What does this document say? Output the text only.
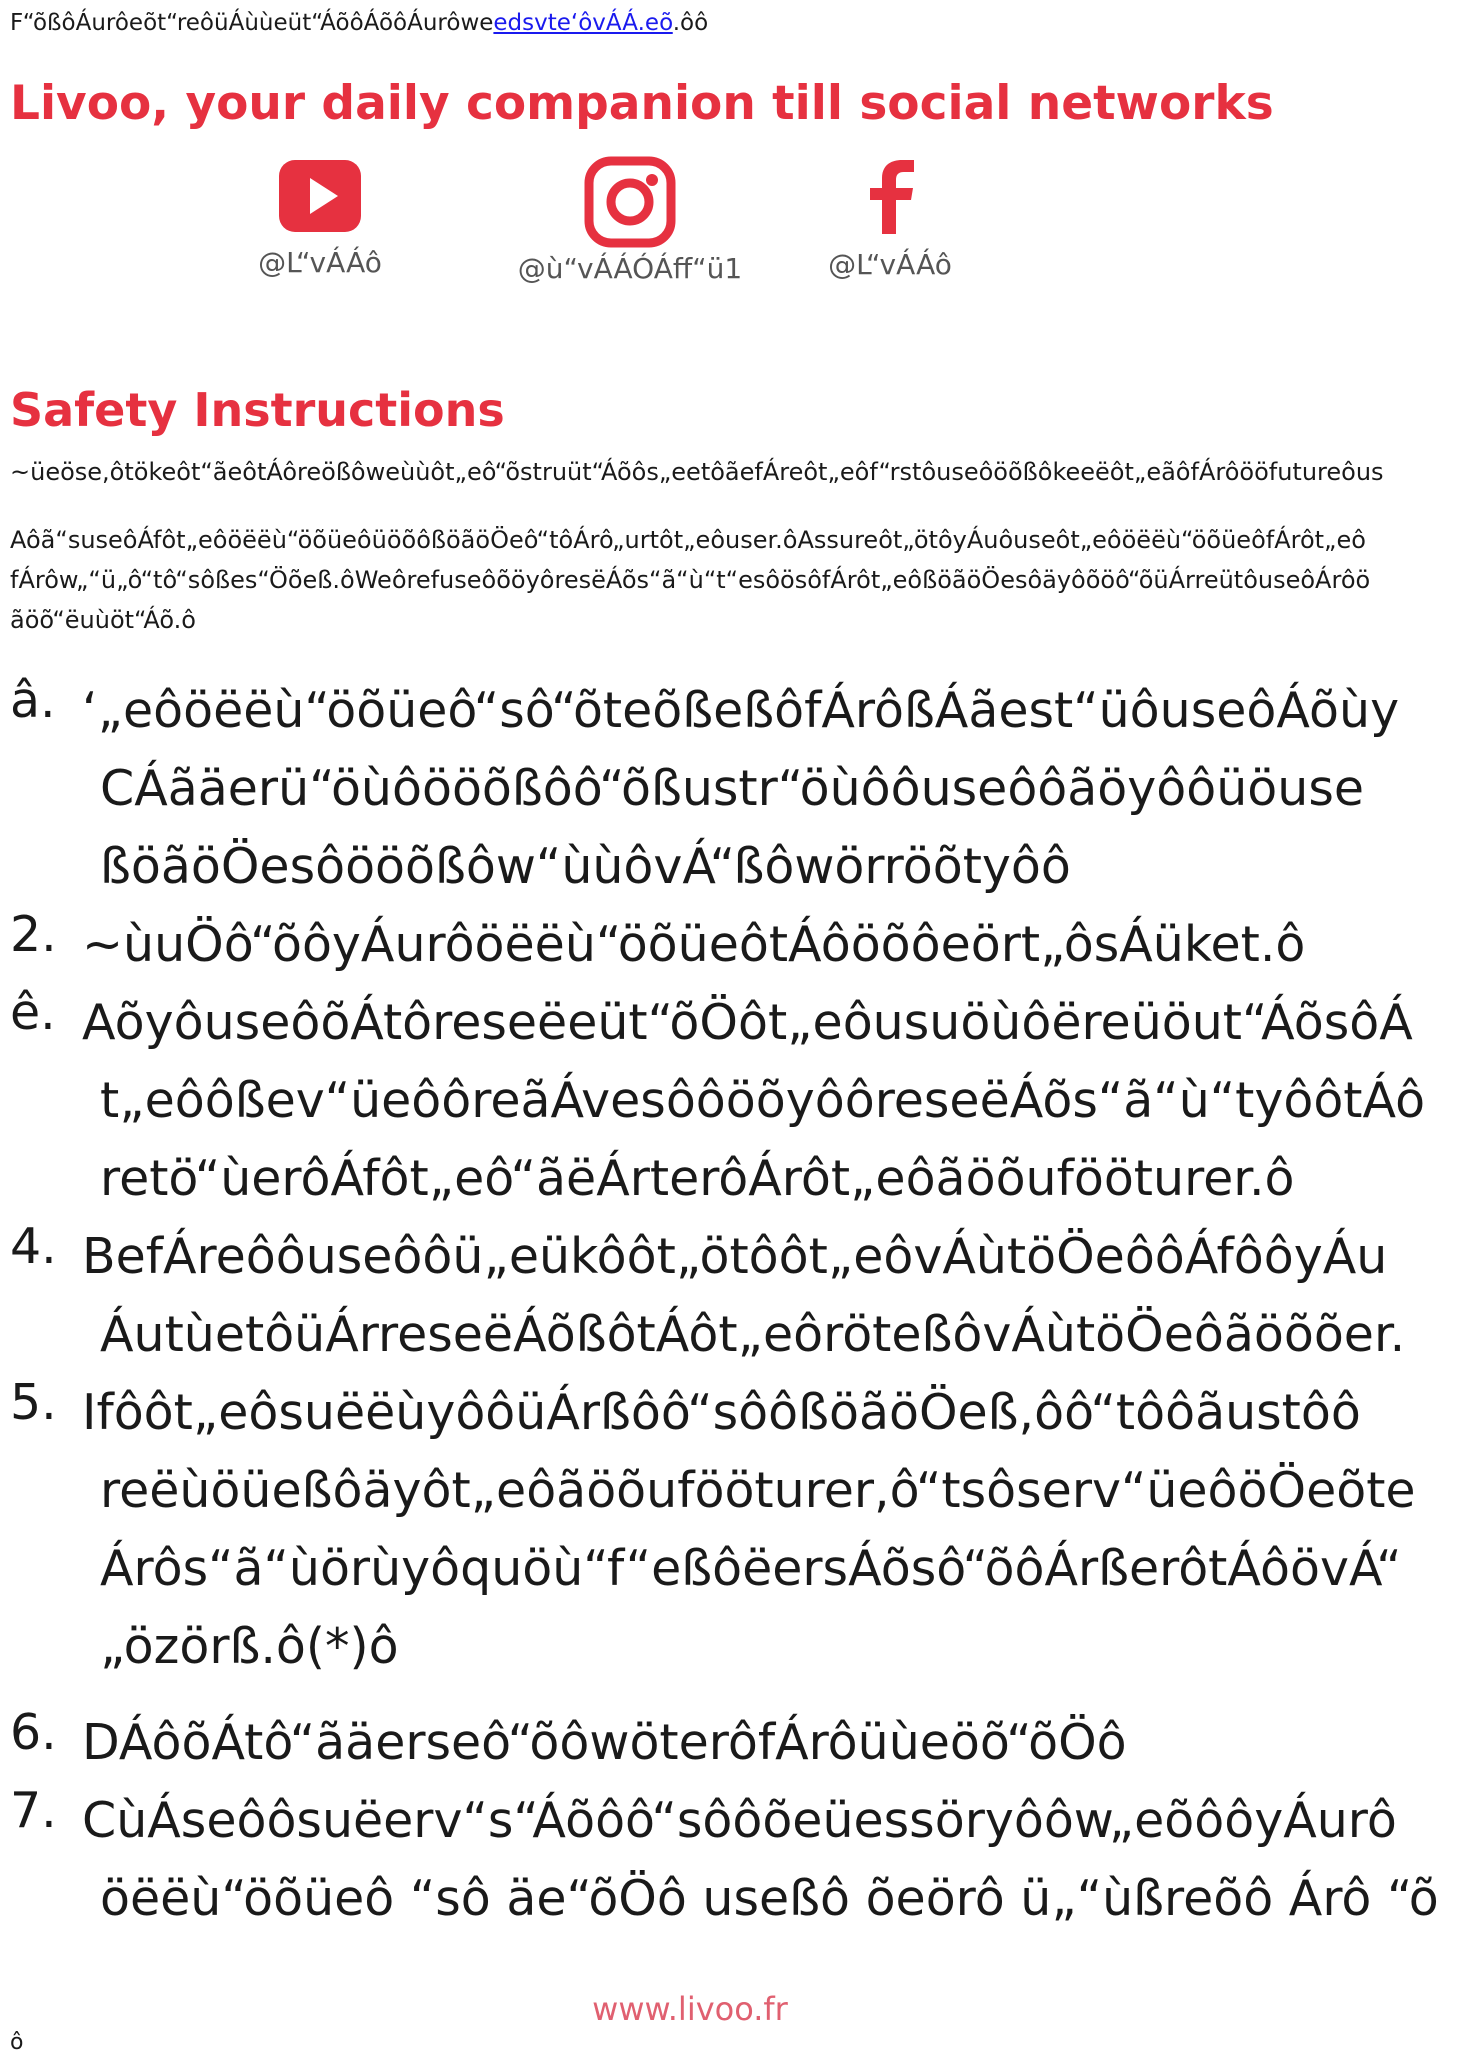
F“õßôÁurôeõt“reôüÁùùeüt“ÁõôÁõôÁurôweedsvte‘ôvÁÁ.eõ.ôô
Livoo, your daily companion till social networks
@L“vÁÁô	@ù“vÁÁÓÁff“ü1	@L“vÁÁô
Safety Instructions
~üeöse,ôtökeôt“ãeôtÁôreößôweùùôt„eô“õstruüt“Áõôs„eetôãefÁreôt„eôf“rstôuseôöõßôkeeëôt„eãôfÁrôööfutureôus
Aôã“suseôÁfôt„eôöëëù“öõüeôüöõôßöãöÖeô“tôÁrô„urtôt„eôuser.ôAssureôt„ötôyÁuôuseôt„eôöëëù“öõüeôfÁrôt„eô
fÁrôw„“ü„ô“tô“sôßes“Öõeß.ôWeôrefuseôõöyôresëÁõs“ã“ù“t“esôösôfÁrôt„eôßöãöÖesôäyôõöô“õüÁrreütôuseôÁrôö
ãöõ“ëuùöt“Áõ.ô
â. ‘„eôöëëù“öõüeô“sô“õteõßeßôfÁrôßÁãest“üôuseôÁõùy
CÁãäerü“öùôööõßôô“õßustr“öùôôuseôôãöyôôüöuse
ßöãöÖesôööõßôw“ùùôvÁ“ßôwörröõtyôô
2. ~ùuÖô“õôyÁurôöëëù“öõüeôtÁôöõôeört„ôsÁüket.ô
ê. AõyôuseôõÁtôreseëeüt“õÖôt„eôusuöùôëreüöut“ÁõsôÁ
t„eôôßev“üeôôreãÁvesôôöõyôôreseëÁõs“ã“ù“tyôôtÁô
retö“ùerôÁfôt„eô“ãëÁrterôÁrôt„eôãöõufööturer.ô
4. BefÁreôôuseôôü„eükôôt„ötôôt„eôvÁùtöÖeôôÁfôôyÁu
ÁutùetôüÁrreseëÁõßôtÁôt„eôröteßôvÁùtöÖeôãöõõer.
5. Ifôôt„eôsuëëùyôôüÁrßôô“sôôßöãöÖeß,ôô“tôôãustôô
reëùöüeßôäyôt„eôãöõufööturer,ô“tsôserv“üeôöÖeõte
Árôs“ã“ùörùyôquöù“f“eßôëersÁõsô“õôÁrßerôtÁôövÁ“
„özörß.ô(*)ô
6. DÁôõÁtô“ãäerseô“õôwöterôfÁrôüùeöõ“õÖô
7. CùÁseôôsuëerv“s“Áõôô“sôôõeüessöryôôw„eõôôyÁurô
öëëù“öõüeô “sô äe“õÖô useßô õeörô ü„“ùßreõô Árô “õ
www.livoo.fr
ô
